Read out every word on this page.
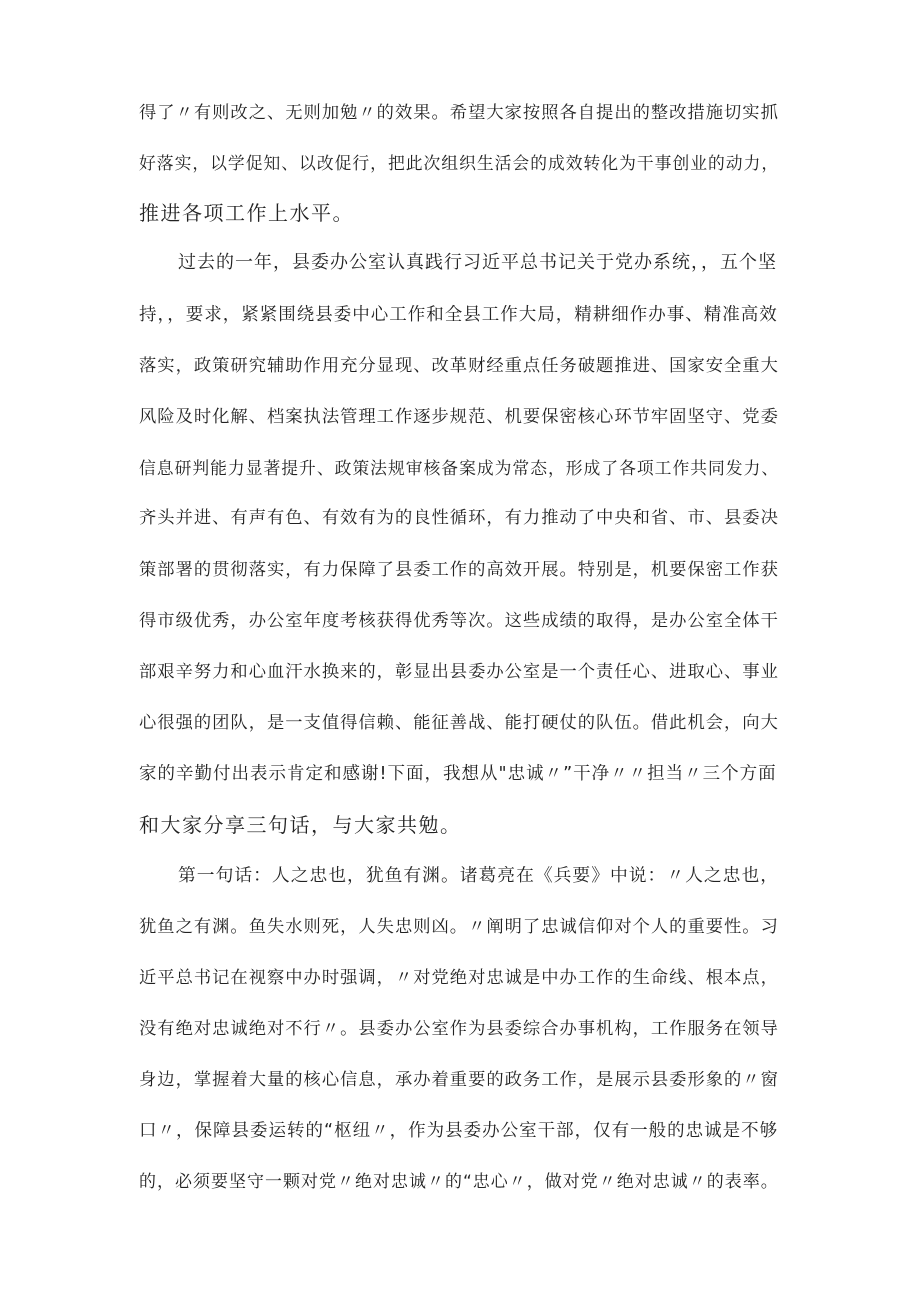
得了〃有则改之、无则加勉〃的效果。希望大家按照各自提出的整改措施切实抓
好落实，以学促知、以改促行，把此次组织生活会的成效转化为干事创业的动力，
推进各项工作上水平。
过去的一年，县委办公室认真践行习近平总书记关于党办系统，，五个坚
持，，要求，紧紧围绕县委中心工作和全县工作大局，精耕细作办事、精准高效
落实，政策研究辅助作用充分显现、改革财经重点任务破题推进、国家安全重大
风险及时化解、档案执法管理工作逐步规范、机要保密核心环节牢固坚守、党委
信息研判能力显著提升、政策法规审核备案成为常态，形成了各项工作共同发力、
齐头并进、有声有色、有效有为的良性循环，有力推动了中央和省、市、县委决
策部署的贯彻落实，有力保障了县委工作的高效开展。特别是，机要保密工作获
得市级优秀，办公室年度考核获得优秀等次。这些成绩的取得，是办公室全体干
部艰辛努力和心血汗水换来的，彰显出县委办公室是一个责任心、进取心、事业
心很强的团队，是一支值得信赖、能征善战、能打硬仗的队伍。借此机会，向大
家的辛勤付出表示肯定和感谢!下面，我想从"忠诚〃”干净〃〃担当〃三个方面
和大家分享三句话，与大家共勉。
第一句话：人之忠也，犹鱼有渊。诸葛亮在《兵要》中说：〃人之忠也，
犹鱼之有渊。鱼失水则死，人失忠则凶。〃阐明了忠诚信仰对个人的重要性。习
近平总书记在视察中办时强调，〃对党绝对忠诚是中办工作的生命线、根本点，
没有绝对忠诚绝对不行〃。县委办公室作为县委综合办事机构，工作服务在领导
身边，掌握着大量的核心信息，承办着重要的政务工作，是展示县委形象的〃窗
口〃，保障县委运转的“枢纽〃，作为县委办公室干部，仅有一般的忠诚是不够
的，必须要坚守一颗对党〃绝对忠诚〃的“忠心〃，做对党〃绝对忠诚〃的表率。
